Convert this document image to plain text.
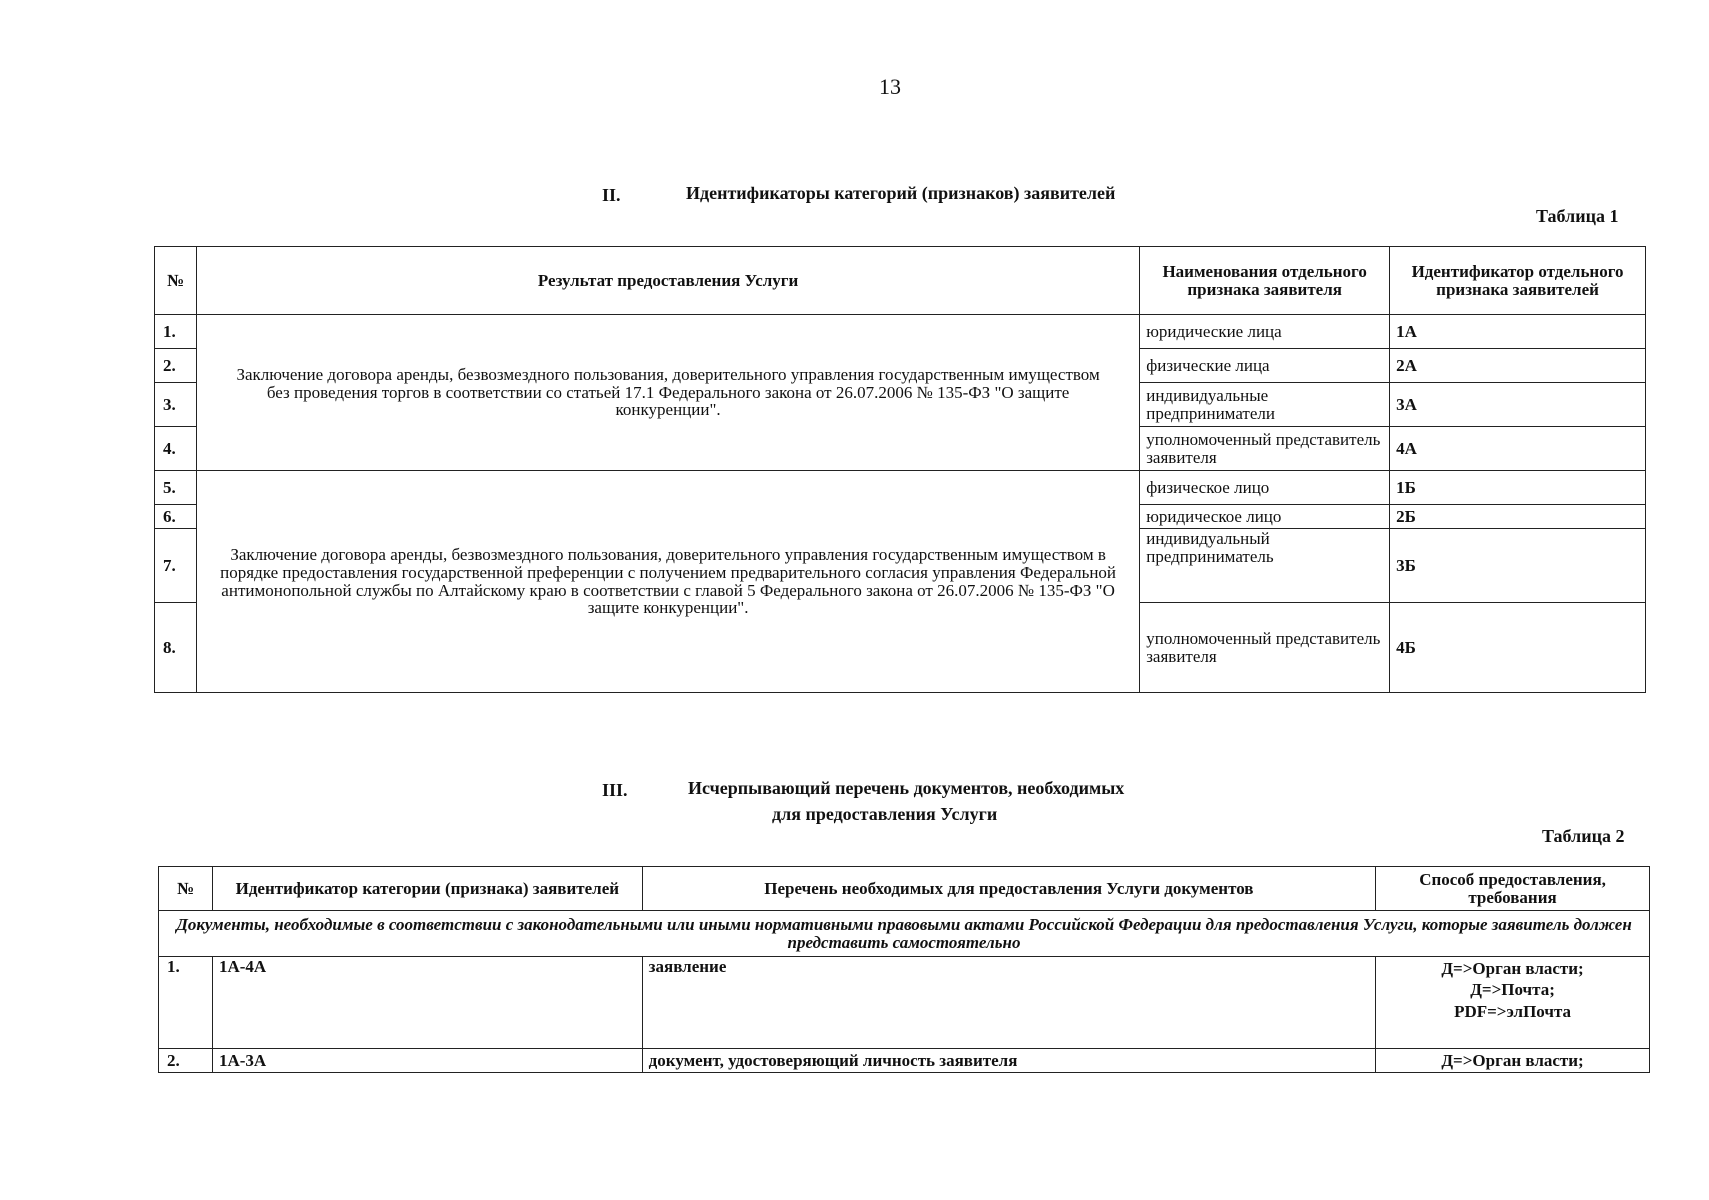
13
II.	Идентификаторы категорий (признаков) заявителей
Таблица 1
№	Результат предоставления Услуги	Наименования отдельного признака заявителя	Идентификатор отдельного признака заявителей
1.	Заключение договора аренды, безвозмездного пользования, доверительного управления государственным имуществом без проведения торгов в соответствии со статьей 17.1 Федерального закона от 26.07.2006 № 135-ФЗ "О защите конкуренции".	юридические лица	1А
2.		физические лица	2А
3.		индивидуальные предприниматели	3А
4.		уполномоченный представитель заявителя	4А
5.	Заключение договора аренды, безвозмездного пользования, доверительного управления государственным имуществом в порядке предоставления государственной преференции с получением предварительного согласия управления Федеральной антимонопольной службы по Алтайскому краю в соответствии с главой 5 Федерального закона от 26.07.2006 № 135-ФЗ "О защите конкуренции".	физическое лицо	1Б
6.		юридическое лицо	2Б
7.		индивидуальный предприниматель	3Б
8.		уполномоченный представитель заявителя	4Б
III.	Исчерпывающий перечень документов, необходимых
для предоставления Услуги
Таблица 2
№	Идентификатор категории (признака) заявителей	Перечень необходимых для предоставления Услуги документов	Способ предоставления, требования
Документы, необходимые в соответствии с законодательными или иными нормативными правовыми актами Российской Федерации для предоставления Услуги, которые заявитель должен представить самостоятельно			
1.	1А-4А	заявление	Д=>Орган власти;
Д=>Почта;
PDF=>элПочта

2.	1А-3А	документ, удостоверяющий личность заявителя	Д=>Орган власти;
